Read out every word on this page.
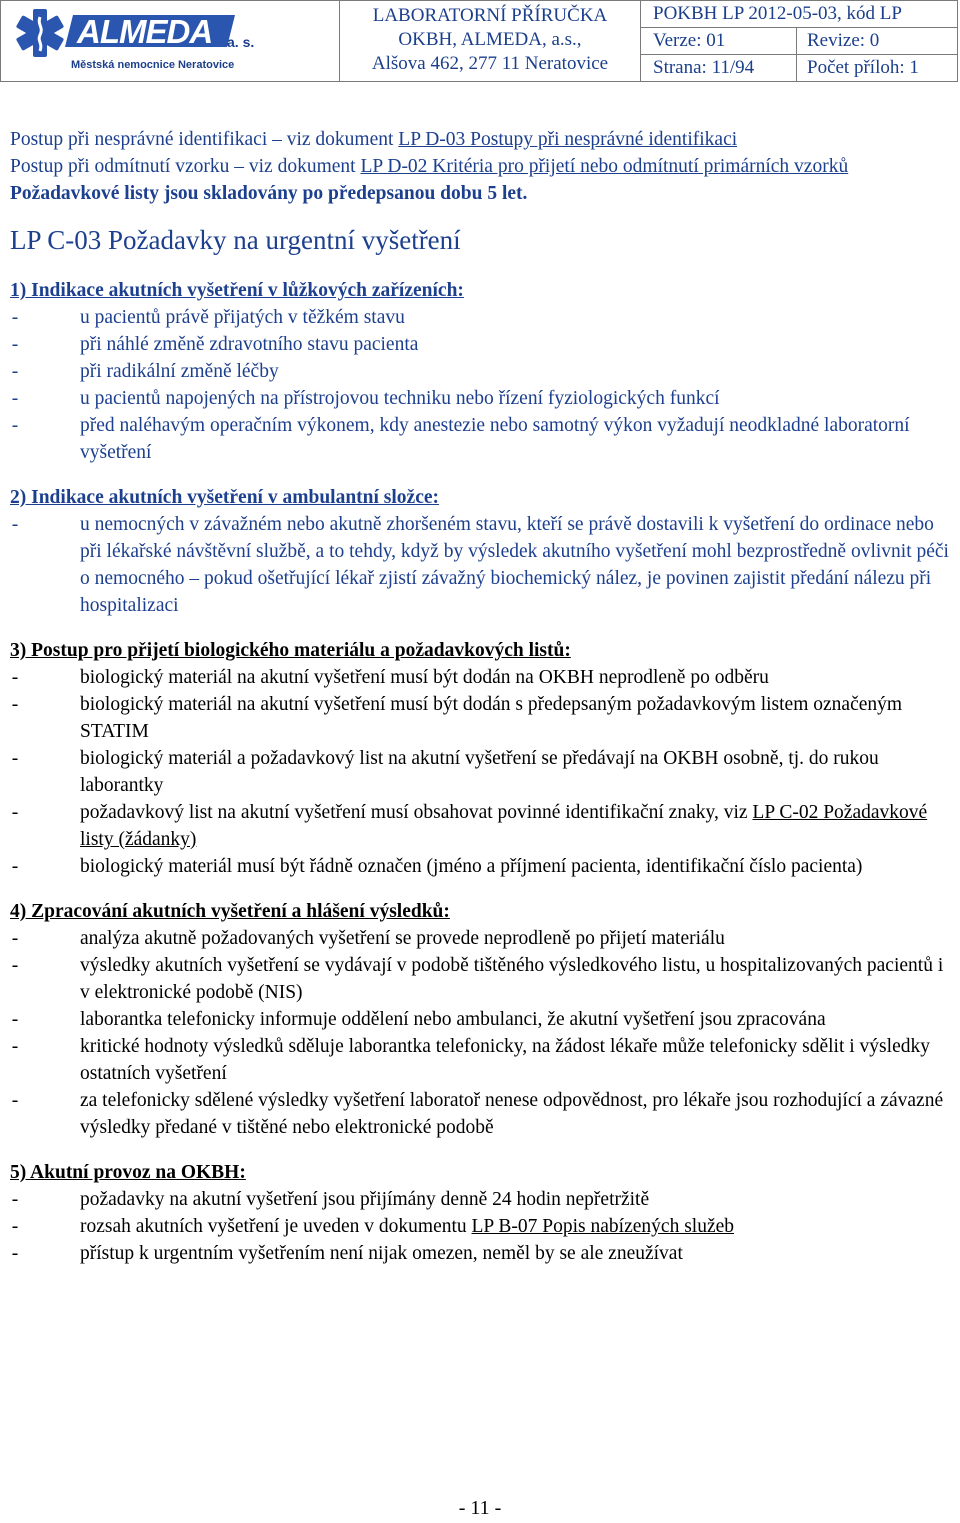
ALMEDA a. s.
Městská nemocnice Neratovice
LABORATORNÍ PŘÍRUČKA
OKBH, ALMEDA, a.s.,
Alšova 462, 277 11 Neratovice
POKBH LP 2012-05-03, kód LP
Verze: 01	Revize: 0
Strana: 11/94	Počet příloh: 1

Postup při nesprávné identifikaci – viz dokument LP D-03 Postupy při nesprávné identifikaci

Postup při odmítnutí vzorku – viz dokument LP D-02 Kritéria pro přijetí nebo odmítnutí primárních vzorků

Požadavkové listy jsou skladovány po předepsanou dobu 5 let.

LP C-03 Požadavky na urgentní vyšetření

1) Indikace akutních vyšetření v lůžkových zařízeních:

- u pacientů právě přijatých v těžkém stavu
- při náhlé změně zdravotního stavu pacienta
- při radikální změně léčby
- u pacientů napojených na přístrojovou techniku nebo řízení fyziologických funkcí
- před naléhavým operačním výkonem, kdy anestezie nebo samotný výkon vyžadují neodkladné laboratorní vyšetření

2) Indikace akutních vyšetření v ambulantní složce:

- u nemocných v závažném nebo akutně zhoršeném stavu, kteří se právě dostavili k vyšetření do ordinace nebo při lékařské návštěvní službě, a to tehdy, když by výsledek akutního vyšetření mohl bezprostředně ovlivnit péči o nemocného – pokud ošetřující lékař zjistí závažný biochemický nález, je povinen zajistit předání nálezu při hospitalizaci

3) Postup pro přijetí biologického materiálu a požadavkových listů:

- biologický materiál na akutní vyšetření musí být dodán na OKBH neprodleně po odběru
- biologický materiál na akutní vyšetření musí být dodán s předepsaným požadavkovým listem označeným STATIM
- biologický materiál a požadavkový list na akutní vyšetření se předávají na OKBH osobně, tj. do rukou laborantky
- požadavkový list na akutní vyšetření musí obsahovat povinné identifikační znaky, viz LP C-02 Požadavkové listy (žádanky)
- biologický materiál musí být řádně označen (jméno a příjmení pacienta, identifikační číslo pacienta)

4) Zpracování akutních vyšetření a hlášení výsledků:

- analýza akutně požadovaných vyšetření se provede neprodleně po přijetí materiálu
- výsledky akutních vyšetření se vydávají v podobě tištěného výsledkového listu, u hospitalizovaných pacientů i v elektronické podobě (NIS)
- laborantka telefonicky informuje oddělení nebo ambulanci, že akutní vyšetření jsou zpracována
- kritické hodnoty výsledků sděluje laborantka telefonicky, na žádost lékaře může telefonicky sdělit i výsledky ostatních vyšetření
- za telefonicky sdělené výsledky vyšetření laboratoř nenese odpovědnost, pro lékaře jsou rozhodující a závazné výsledky předané v tištěné nebo elektronické podobě

5) Akutní provoz na OKBH:

- požadavky na akutní vyšetření jsou přijímány denně 24 hodin nepřetržitě
- rozsah akutních vyšetření je uveden v dokumentu LP B-07 Popis nabízených služeb
- přístup k urgentním vyšetřením není nijak omezen, neměl by se ale zneužívat
- 11 -
